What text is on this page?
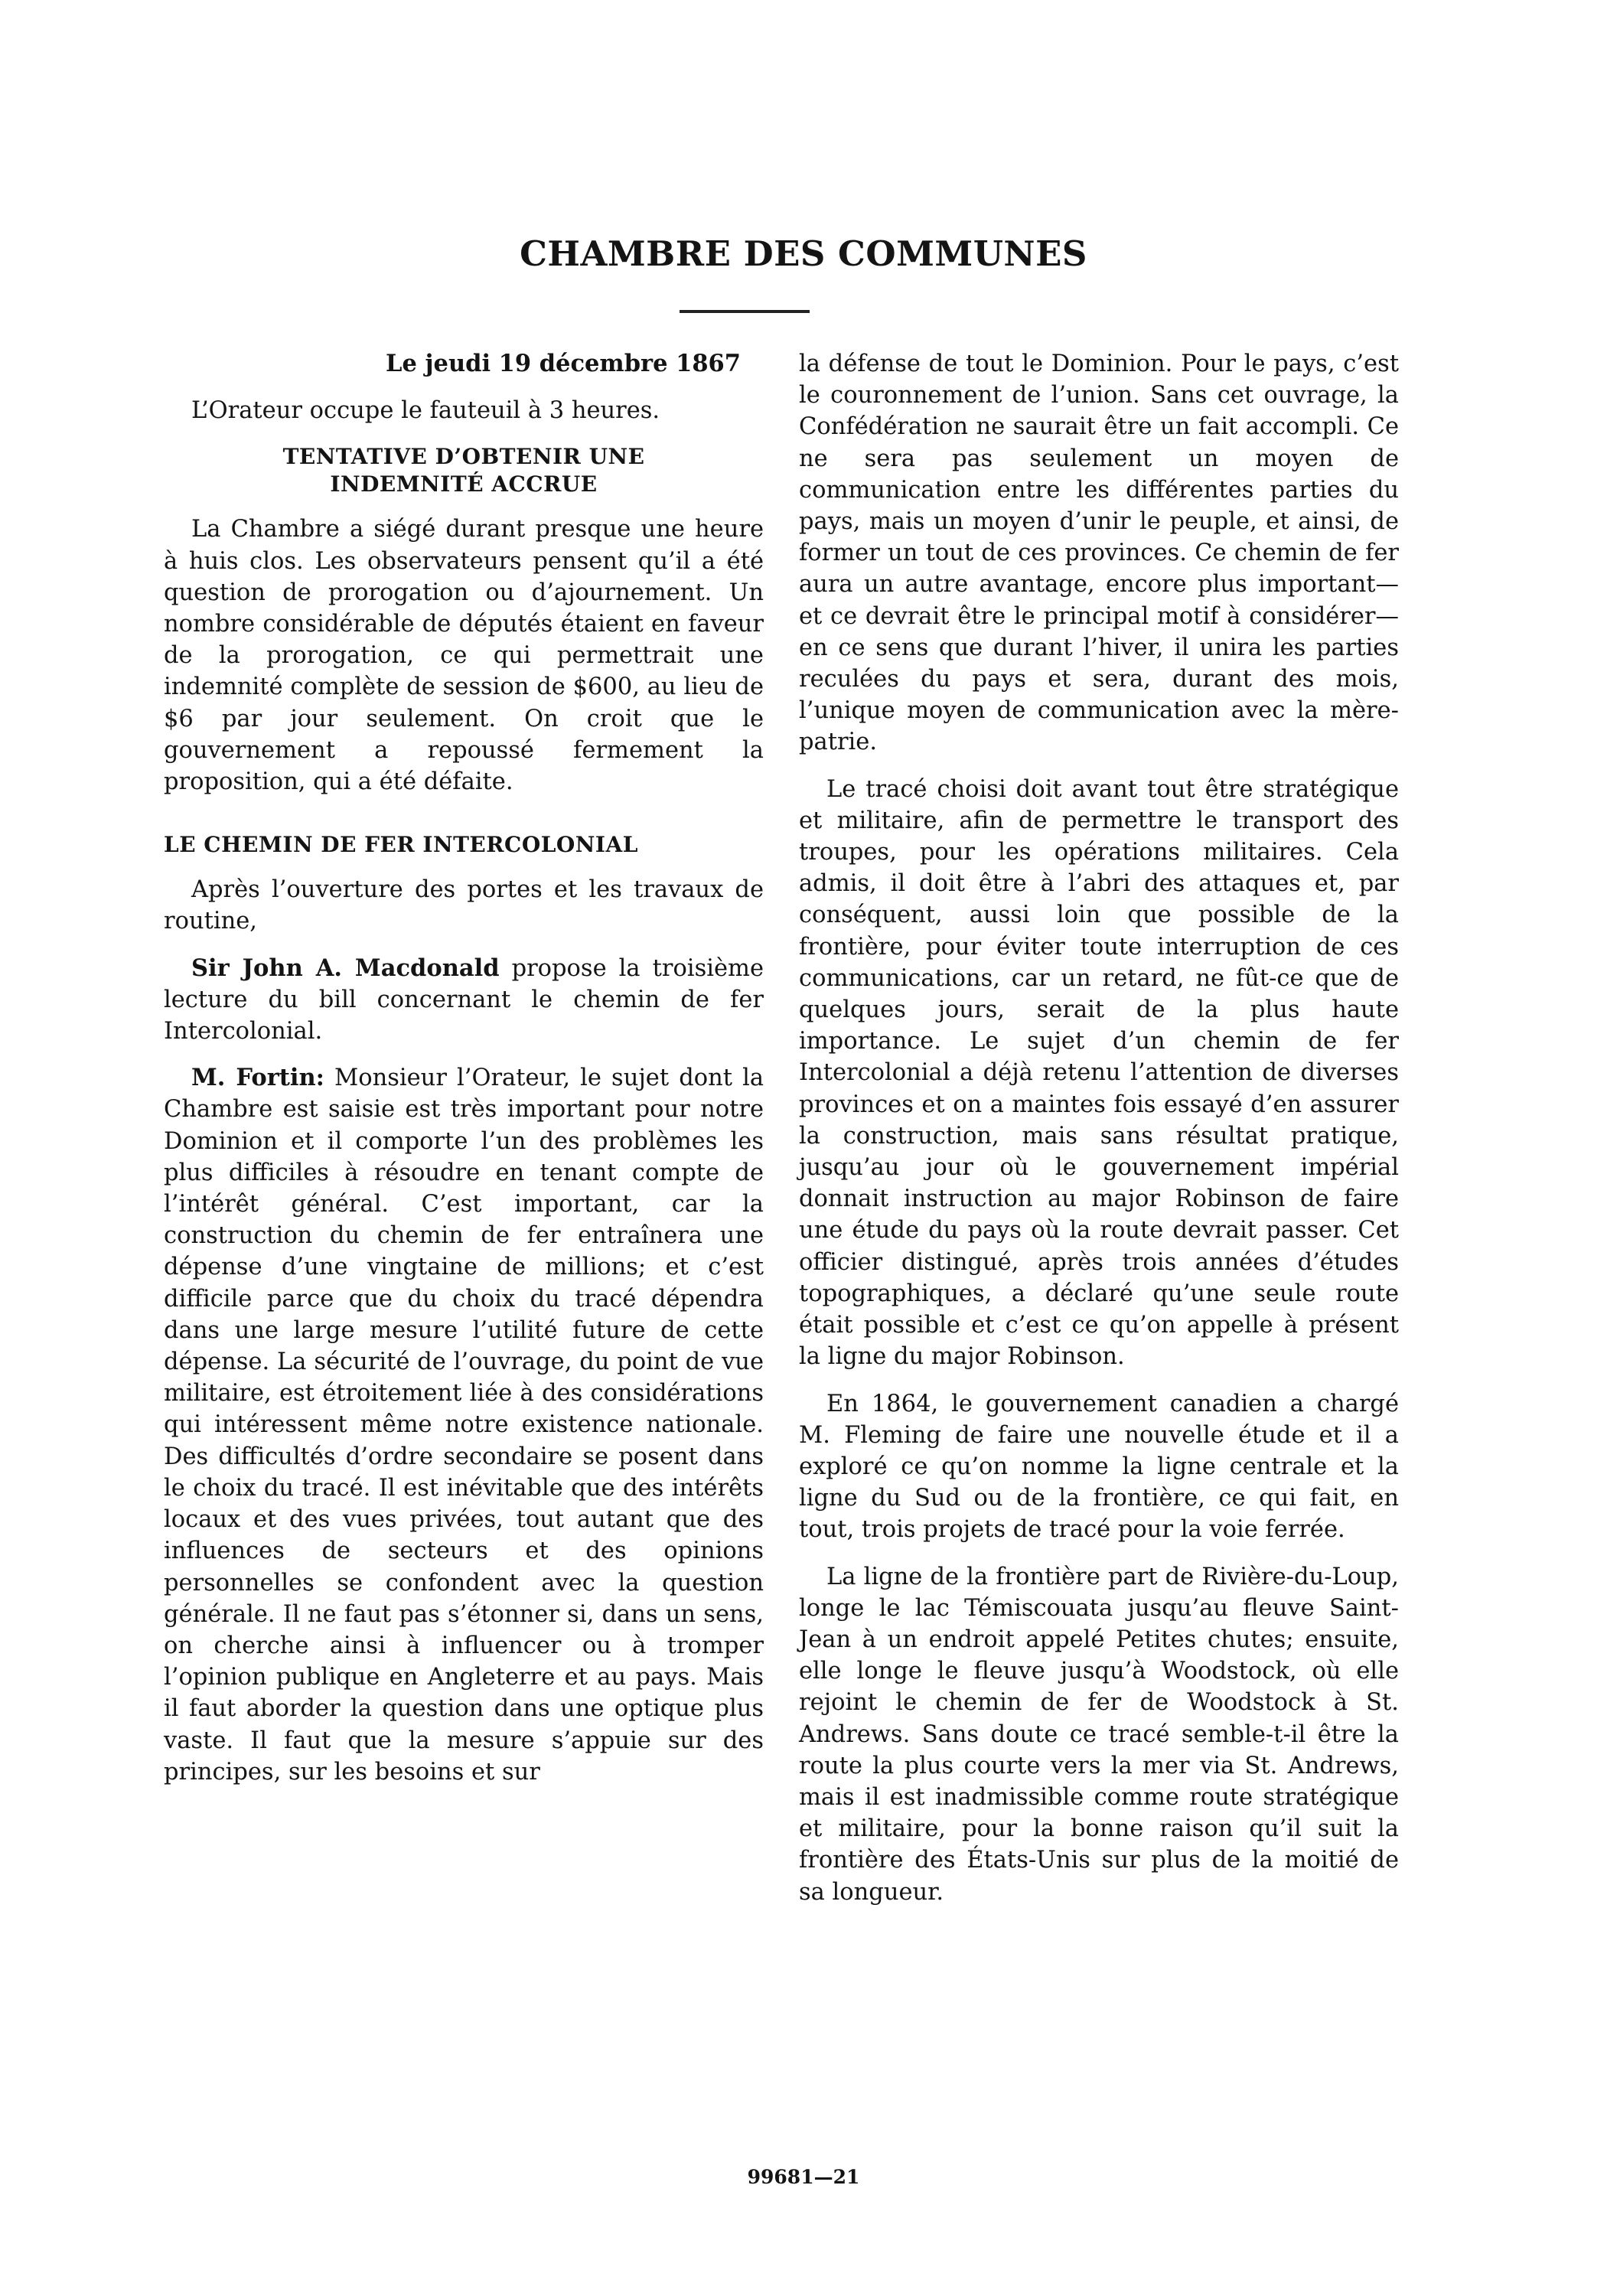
CHAMBRE DES COMMUNES
Le jeudi 19 décembre 1867

L’Orateur occupe le fauteuil à 3 heures.

TENTATIVE D’OBTENIR UNE
INDEMNITÉ ACCRUE

La Chambre a siégé durant presque une heure à huis clos. Les observateurs pensent qu’il a été question de prorogation ou d’ajournement. Un nombre considérable de députés étaient en faveur de la prorogation, ce qui permettrait une indemnité complète de session de $600, au lieu de $6 par jour seulement. On croit que le gouvernement a repoussé fermement la proposition, qui a été défaite.

LE CHEMIN DE FER INTERCOLONIAL

Après l’ouverture des portes et les travaux de routine,

Sir John A. Macdonald propose la troisième lecture du bill concernant le chemin de fer Intercolonial.

M. Fortin: Monsieur l’Orateur, le sujet dont la Chambre est saisie est très important pour notre Dominion et il comporte l’un des problèmes les plus difficiles à résoudre en tenant compte de l’intérêt général. C’est important, car la construction du chemin de fer entraînera une dépense d’une vingtaine de millions; et c’est difficile parce que du choix du tracé dépendra dans une large mesure l’utilité future de cette dépense. La sécurité de l’ouvrage, du point de vue militaire, est étroitement liée à des considérations qui intéressent même notre existence nationale. Des difficultés d’ordre secondaire se posent dans le choix du tracé. Il est inévitable que des intérêts locaux et des vues privées, tout autant que des influences de secteurs et des opinions personnelles se confondent avec la question générale. Il ne faut pas s’étonner si, dans un sens, on cherche ainsi à influencer ou à tromper l’opinion publique en Angleterre et au pays. Mais il faut aborder la question dans une optique plus vaste. Il faut que la mesure s’appuie sur des principes, sur les besoins et sur

la défense de tout le Dominion. Pour le pays, c’est le couronnement de l’union. Sans cet ouvrage, la Confédération ne saurait être un fait accompli. Ce ne sera pas seulement un moyen de communication entre les différentes parties du pays, mais un moyen d’unir le peuple, et ainsi, de former un tout de ces provinces. Ce chemin de fer aura un autre avantage, encore plus important—et ce devrait être le principal motif à considérer—en ce sens que durant l’hiver, il unira les parties reculées du pays et sera, durant des mois, l’unique moyen de communication avec la mère-patrie.

Le tracé choisi doit avant tout être stratégique et militaire, afin de permettre le transport des troupes, pour les opérations militaires. Cela admis, il doit être à l’abri des attaques et, par conséquent, aussi loin que possible de la frontière, pour éviter toute interruption de ces communications, car un retard, ne fût-ce que de quelques jours, serait de la plus haute importance. Le sujet d’un chemin de fer Intercolonial a déjà retenu l’attention de diverses provinces et on a maintes fois essayé d’en assurer la construction, mais sans résultat pratique, jusqu’au jour où le gouvernement impérial donnait instruction au major Robinson de faire une étude du pays où la route devrait passer. Cet officier distingué, après trois années d’études topographiques, a déclaré qu’une seule route était possible et c’est ce qu’on appelle à présent la ligne du major Robinson.

En 1864, le gouvernement canadien a chargé M. Fleming de faire une nouvelle étude et il a exploré ce qu’on nomme la ligne centrale et la ligne du Sud ou de la frontière, ce qui fait, en tout, trois projets de tracé pour la voie ferrée.

La ligne de la frontière part de Rivière-du-Loup, longe le lac Témiscouata jusqu’au fleuve Saint-Jean à un endroit appelé Petites chutes; ensuite, elle longe le fleuve jusqu’à Woodstock, où elle rejoint le chemin de fer de Woodstock à St. Andrews. Sans doute ce tracé semble-t-il être la route la plus courte vers la mer via St. Andrews, mais il est inadmissible comme route stratégique et militaire, pour la bonne raison qu’il suit la frontière des États-Unis sur plus de la moitié de sa longueur.

99681—21
